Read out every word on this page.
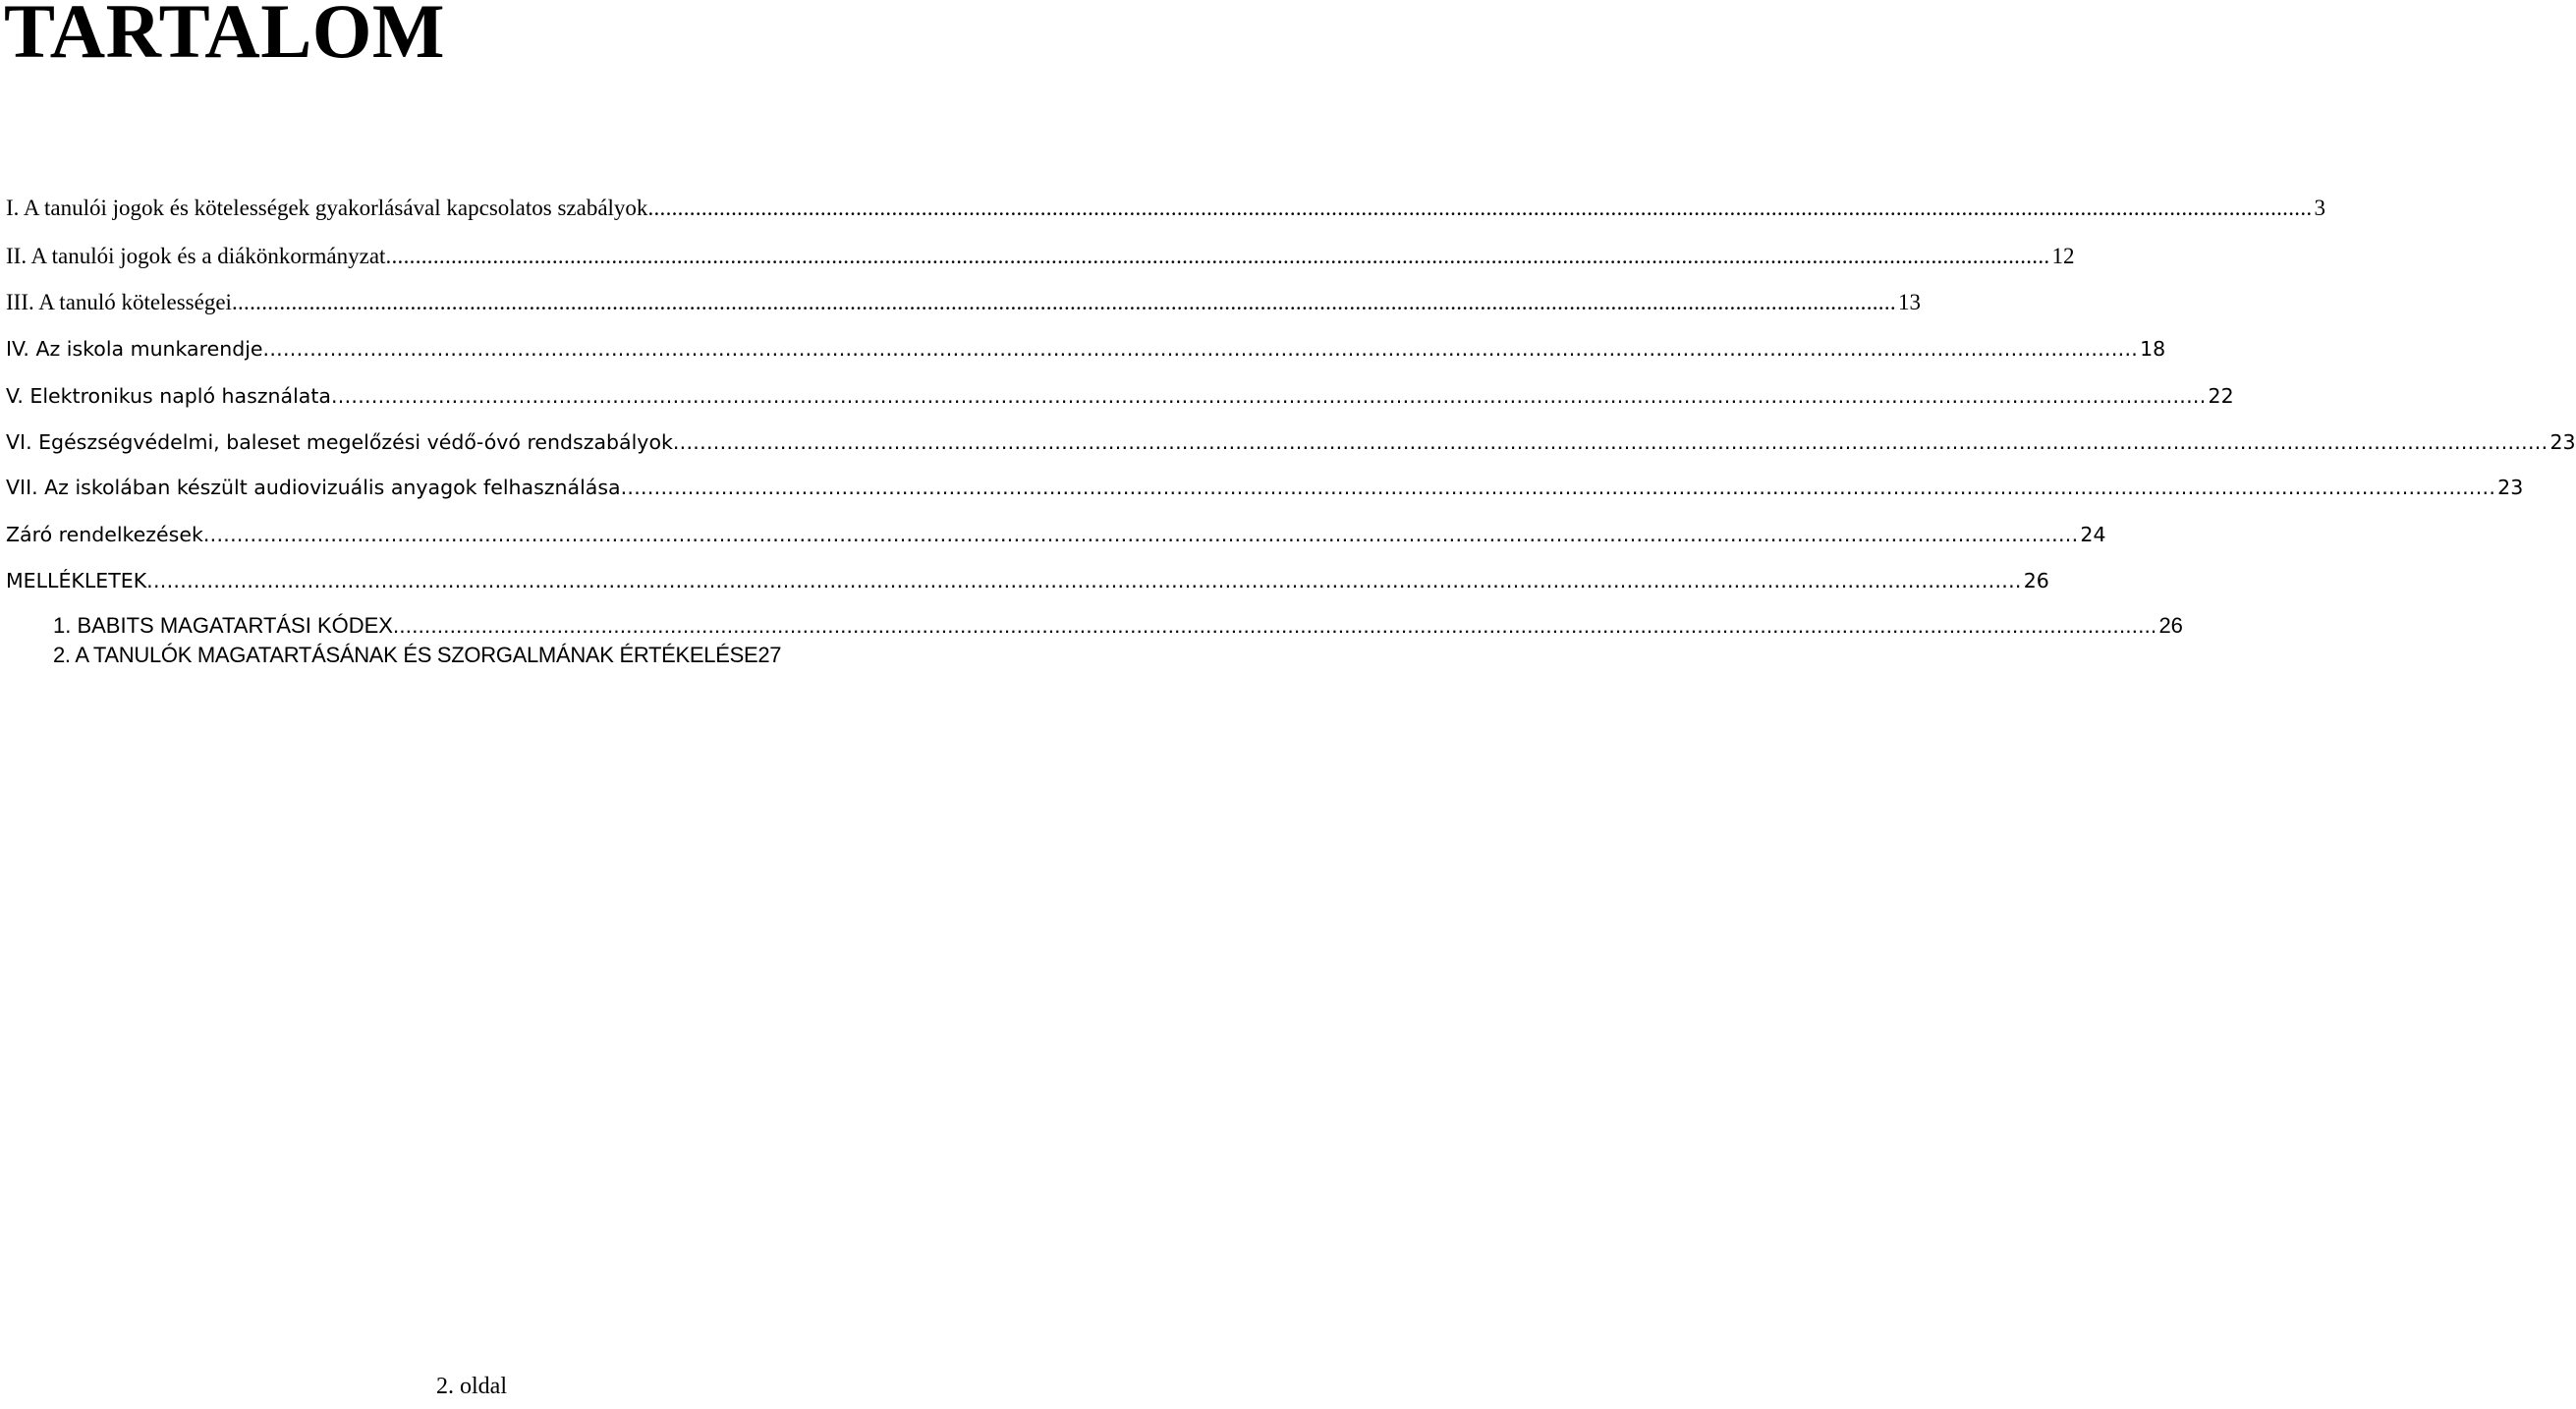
TARTALOM
I. A tanulói jogok és kötelességek gyakorlásával kapcsolatos szabályok .....	3
II. A tanulói jogok és a diákönkormányzat .....	12
III. A tanuló kötelességei .....	13
IV. Az iskola munkarendje .....	18
V. Elektronikus napló használata .....	22
VI. Egészségvédelmi, baleset megelőzési védő-óvó rendszabályok .....	23
VII. Az iskolában készült audiovizuális anyagok felhasználása .....	23
Záró rendelkezések .....	24
MELLÉKLETEK .....	26
1. BABITS MAGATARTÁSI KÓDEX .....	26
2. A TANULÓK MAGATARTÁSÁNAK ÉS SZORGALMÁNAK ÉRTÉKELÉSE 27
2. oldal
